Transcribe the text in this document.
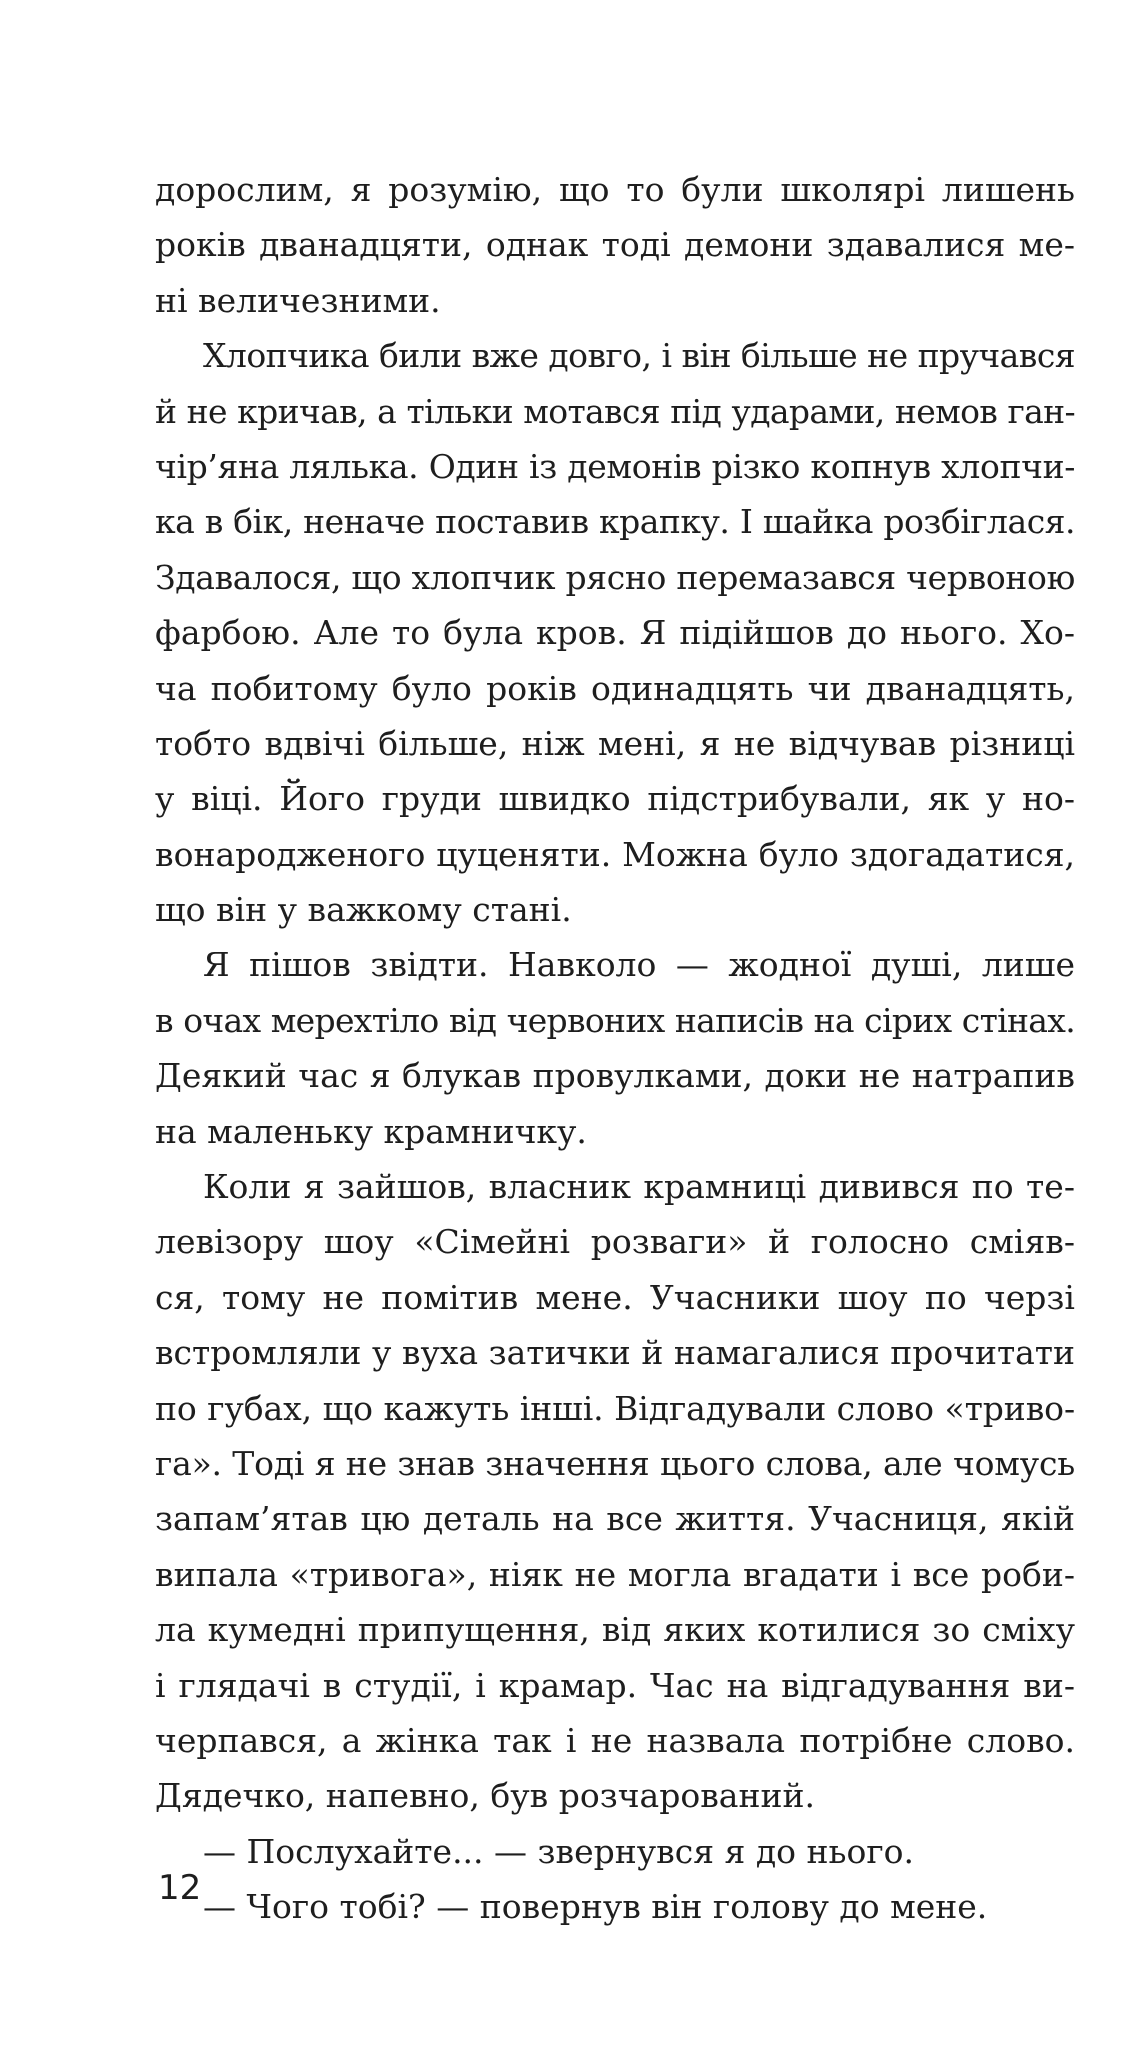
дорослим, я розумію, що то були школярі лишень
років дванадцяти, однак тоді демони здавалися ме-
ні величезними.
Хлопчика били вже довго, і він більше не пручався
й не кричав, а тільки мотався під ударами, немов ган-
чір’яна лялька. Один із демонів різко копнув хлопчи-
ка в бік, неначе поставив крапку. І шайка розбіглася.
Здавалося, що хлопчик рясно перемазався червоною
фарбою. Але то була кров. Я підійшов до нього. Хо-
ча побитому було років одинадцять чи дванадцять,
тобто вдвічі більше, ніж мені, я не відчував різниці
у віці. Його груди швидко підстрибували, як у но-
вонародженого цуценяти. Можна було здогадатися,
що він у важкому стані.
Я пішов звідти. Навколо — жодної душі, лише
в очах мерехтіло від червоних написів на сірих стінах.
Деякий час я блукав провулками, доки не натрапив
на маленьку крамничку.
Коли я зайшов, власник крамниці дивився по те-
левізору шоу «Сімейні розваги» й голосно сміяв-
ся, тому не помітив мене. Учасники шоу по черзі
встромляли у вуха затички й намагалися прочитати
по губах, що кажуть інші. Відгадували слово «триво-
га». Тоді я не знав значення цього слова, але чомусь
запам’ятав цю деталь на все життя. Учасниця, якій
випала «тривога», ніяк не могла вгадати і все роби-
ла кумедні припущення, від яких котилися зо сміху
і глядачі в студії, і крамар. Час на відгадування ви-
черпався, а жінка так і не назвала потрібне слово.
Дядечко, напевно, був розчарований.
— Послухайте... — звернувся я до нього.
— Чого тобі? — повернув він голову до мене.
12
